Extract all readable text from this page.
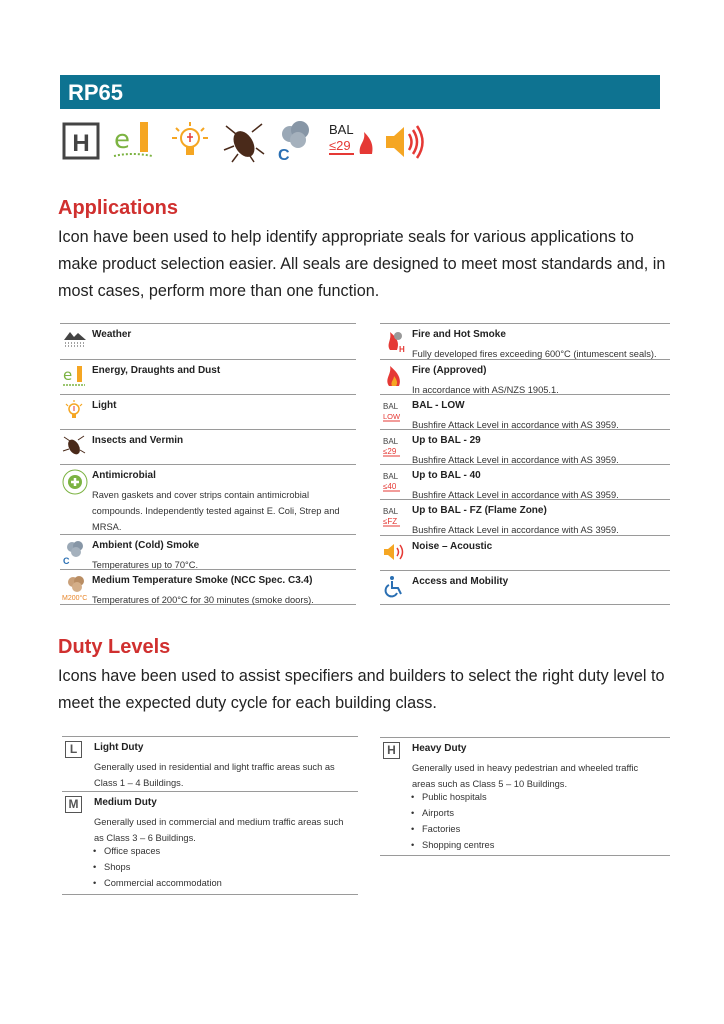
RP65
H e
C
BAL
≤29
Applications
Icon have been used to help identify appropriate seals for various applications to make product selection easier. All seals are designed to meet most standards and, in most cases, perform more than one function.
Weather
e Energy, Draughts and Dust
Light
Insects and Vermin
Antimicrobial
Raven gaskets and cover strips contain antimicrobial compounds. Independently tested against E. Coli, Strep and MRSA.
C
Ambient (Cold) Smoke
Temperatures up to 70°C.
M200°C
Medium Temperature Smoke (NCC Spec. C3.4)
Temperatures of 200°C for 30 minutes (smoke doors).
H
Fire and Hot Smoke
Fully developed fires exceeding 600°C (intumescent seals).
Fire (Approved)
In accordance with AS/NZS 1905.1.
BAL
LOW
BAL - LOW
Bushfire Attack Level in accordance with AS 3959.
BAL
≤29
Up to BAL - 29
Bushfire Attack Level in accordance with AS 3959.
BAL
≤40
Up to BAL - 40
Bushfire Attack Level in accordance with AS 3959.
BAL
≤FZ
Up to BAL - FZ (Flame Zone)
Bushfire Attack Level in accordance with AS 3959.
Noise – Acoustic
Access and Mobility
Duty Levels
Icons have been used to assist specifiers and builders to select the right duty level to meet the expected duty cycle for each building class.
L	Light Duty
Generally used in residential and light traffic areas such as Class 1 – 4 Buildings.
M	Medium Duty
Generally used in commercial and medium traffic areas such as Class 3 – 6 Buildings.
• Office spaces
• Shops
• Commercial accommodation
H	Heavy Duty
Generally used in heavy pedestrian and wheeled traffic areas such as Class 5 – 10 Buildings.
• Public hospitals
• Airports
• Factories
• Shopping centres
